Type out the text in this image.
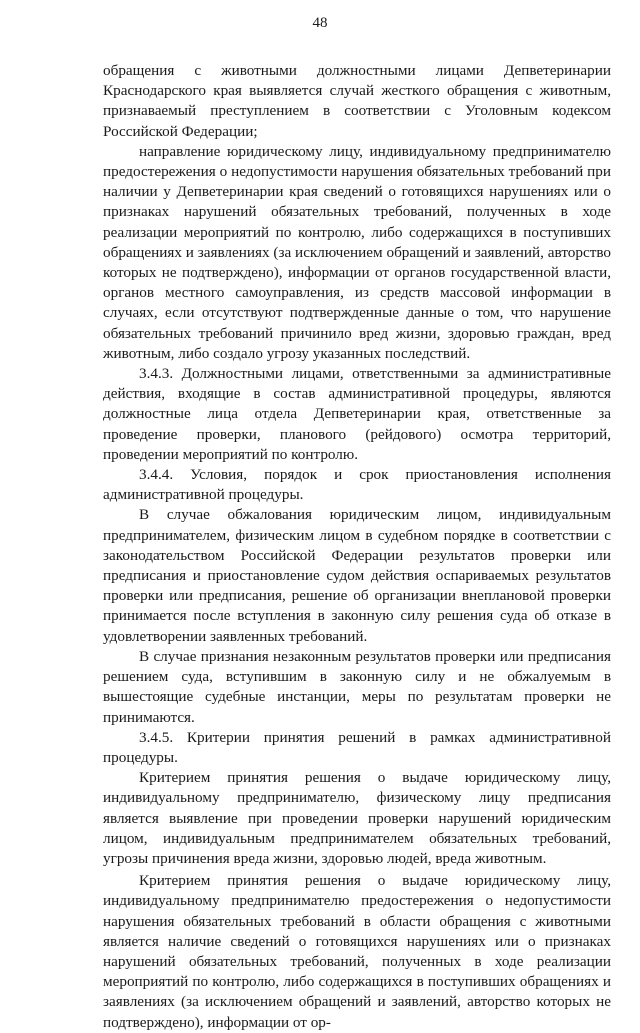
48

обращения с животными должностными лицами Депветеринарии Краснодарского края выявляется случай жесткого обращения с животным, признаваемый преступлением в соответствии с Уголовным кодексом Российской Федерации;

направление юридическому лицу, индивидуальному предпринимателю предостережения о недопустимости нарушения обязательных требований при наличии у Депветеринарии края сведений о готовящихся нарушениях или о признаках нарушений обязательных требований, полученных в ходе реализации мероприятий по контролю, либо содержащихся в поступивших обращениях и заявлениях (за исключением обращений и заявлений, авторство которых не подтверждено), информации от органов государственной власти, органов местного самоуправления, из средств массовой информации в случаях, если отсутствуют подтвержденные данные о том, что нарушение обязательных требований причинило вред жизни, здоровью граждан, вред животным, либо создало угрозу указанных последствий.

3.4.3. Должностными лицами, ответственными за административные действия, входящие в состав административной процедуры, являются должностные лица отдела Депветеринарии края, ответственные за проведение проверки, планового (рейдового) осмотра территорий, проведении мероприятий по контролю.

3.4.4. Условия, порядок и срок приостановления исполнения административной процедуры.

В случае обжалования юридическим лицом, индивидуальным предпринимателем, физическим лицом в судебном порядке в соответствии с законодательством Российской Федерации результатов проверки или предписания и приостановление судом действия оспариваемых результатов проверки или предписания, решение об организации внеплановой проверки принимается после вступления в законную силу решения суда об отказе в удовлетворении заявленных требований.

В случае признания незаконным результатов проверки или предписания решением суда, вступившим в законную силу и не обжалуемым в вышестоящие судебные инстанции, меры по результатам проверки не принимаются.

3.4.5. Критерии принятия решений в рамках административной процедуры.

Критерием принятия решения о выдаче юридическому лицу, индивидуальному предпринимателю, физическому лицу предписания является выявление при проведении проверки нарушений юридическим лицом, индивидуальным предпринимателем обязательных требований, угрозы причинения вреда жизни, здоровью людей, вреда животным.

Критерием принятия решения о выдаче юридическому лицу, индивидуальному предпринимателю предостережения о недопустимости нарушения обязательных требований в области обращения с животными является наличие сведений о готовящихся нарушениях или о признаках нарушений обязательных требований, полученных в ходе реализации мероприятий по контролю, либо содержащихся в поступивших обращениях и заявлениях (за исключением обращений и заявлений, авторство которых не подтверждено), информации от ор-
